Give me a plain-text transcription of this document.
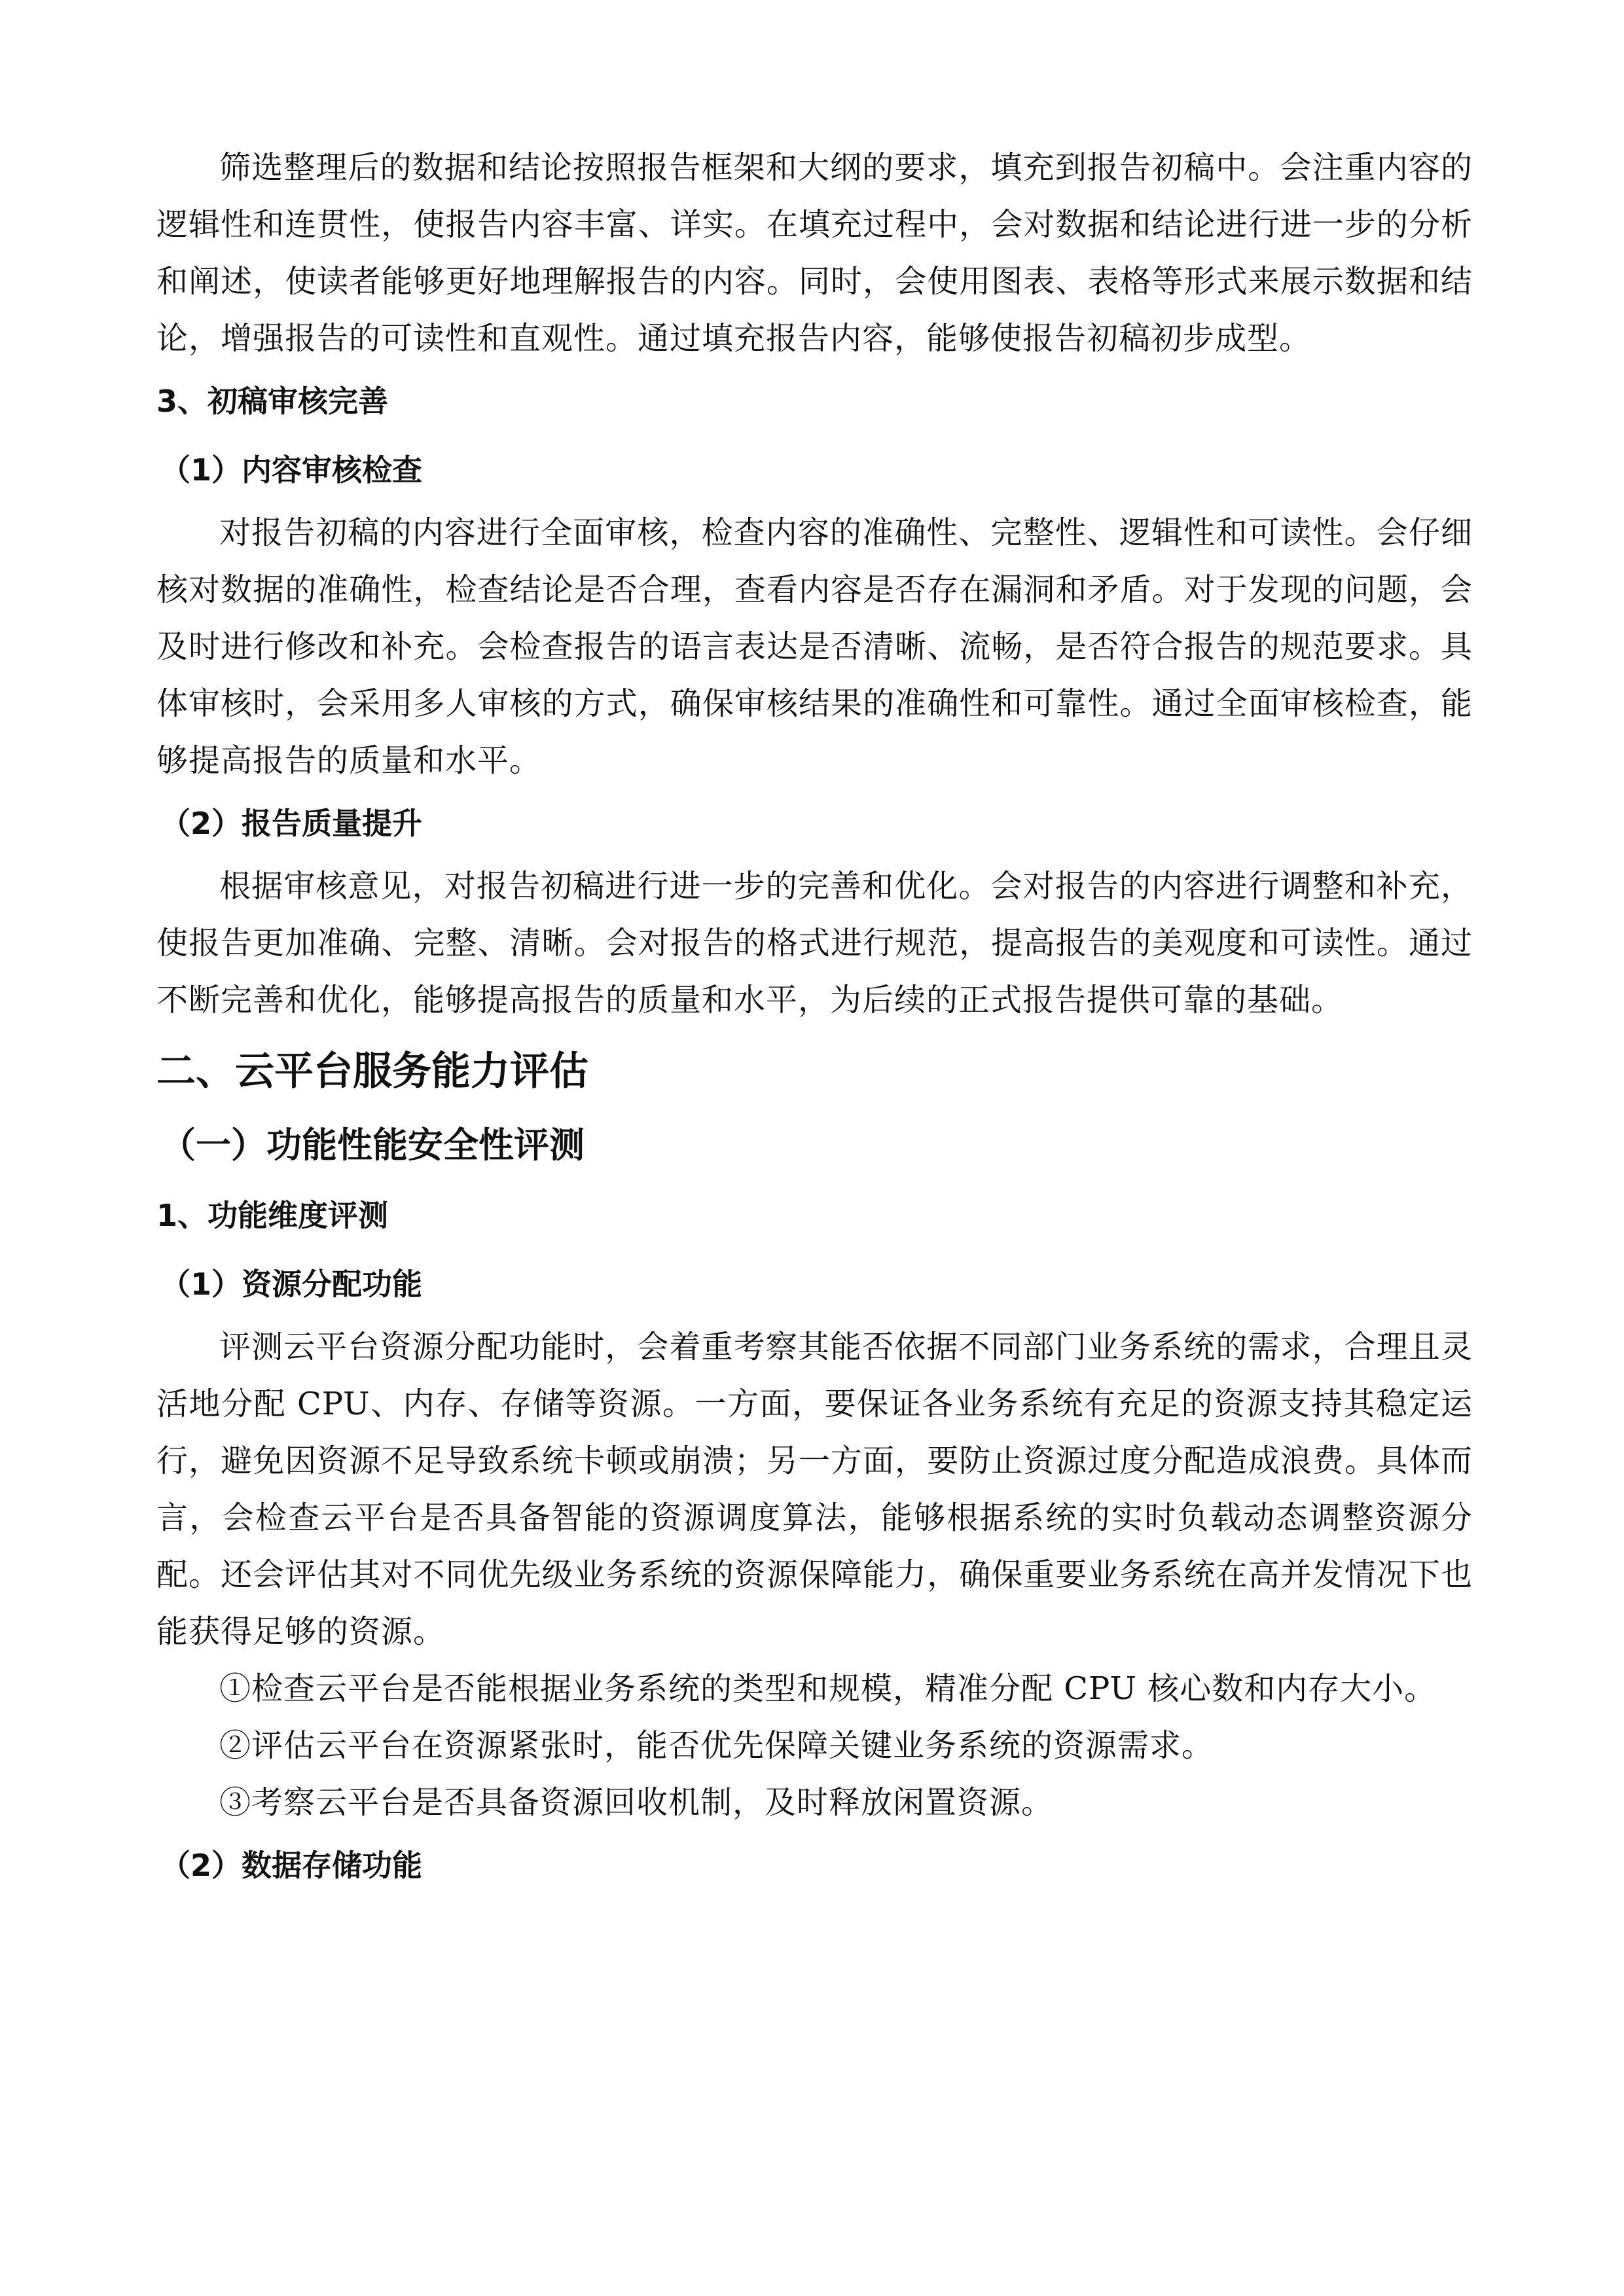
筛选整理后的数据和结论按照报告框架和大纲的要求，填充到报告初稿中。会注重内容的逻辑性和连贯性，使报告内容丰富、详实。在填充过程中，会对数据和结论进行进一步的分析和阐述，使读者能够更好地理解报告的内容。同时，会使用图表、表格等形式来展示数据和结论，增强报告的可读性和直观性。通过填充报告内容，能够使报告初稿初步成型。

3、初稿审核完善

（1）内容审核检查

对报告初稿的内容进行全面审核，检查内容的准确性、完整性、逻辑性和可读性。会仔细核对数据的准确性，检查结论是否合理，查看内容是否存在漏洞和矛盾。对于发现的问题，会及时进行修改和补充。会检查报告的语言表达是否清晰、流畅，是否符合报告的规范要求。具体审核时，会采用多人审核的方式，确保审核结果的准确性和可靠性。通过全面审核检查，能够提高报告的质量和水平。

（2）报告质量提升

根据审核意见，对报告初稿进行进一步的完善和优化。会对报告的内容进行调整和补充，使报告更加准确、完整、清晰。会对报告的格式进行规范，提高报告的美观度和可读性。通过不断完善和优化，能够提高报告的质量和水平，为后续的正式报告提供可靠的基础。

二、云平台服务能力评估

（一）功能性能安全性评测

1、功能维度评测

（1）资源分配功能

评测云平台资源分配功能时，会着重考察其能否依据不同部门业务系统的需求，合理且灵活地分配 CPU、内存、存储等资源。一方面，要保证各业务系统有充足的资源支持其稳定运行，避免因资源不足导致系统卡顿或崩溃；另一方面，要防止资源过度分配造成浪费。具体而言，会检查云平台是否具备智能的资源调度算法，能够根据系统的实时负载动态调整资源分配。还会评估其对不同优先级业务系统的资源保障能力，确保重要业务系统在高并发情况下也能获得足够的资源。

①检查云平台是否能根据业务系统的类型和规模，精准分配 CPU 核心数和内存大小。

②评估云平台在资源紧张时，能否优先保障关键业务系统的资源需求。

③考察云平台是否具备资源回收机制，及时释放闲置资源。

（2）数据存储功能
